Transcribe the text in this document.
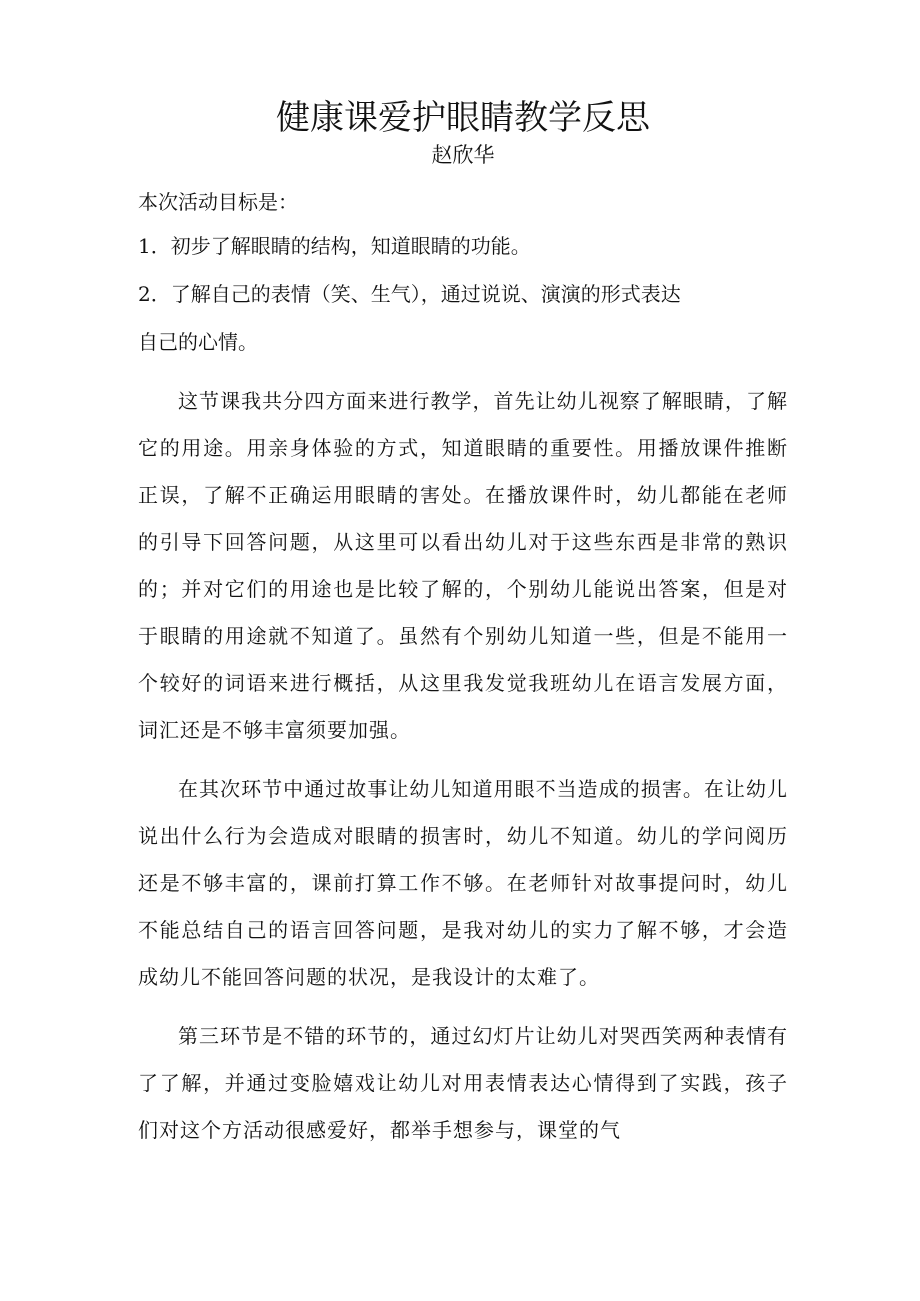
健康课爱护眼睛教学反思
赵欣华

本次活动目标是：

1．初步了解眼睛的结构，知道眼睛的功能。

2．了解自己的表情（笑、生气），通过说说、演演的形式表达

自己的心情。

这节课我共分四方面来进行教学，首先让幼儿视察了解眼睛，了解它的用途。用亲身体验的方式，知道眼睛的重要性。用播放课件推断正误，了解不正确运用眼睛的害处。在播放课件时，幼儿都能在老师的引导下回答问题，从这里可以看出幼儿对于这些东西是非常的熟识的；并对它们的用途也是比较了解的，个别幼儿能说出答案，但是对于眼睛的用途就不知道了。虽然有个别幼儿知道一些，但是不能用一个较好的词语来进行概括，从这里我发觉我班幼儿在语言发展方面，词汇还是不够丰富须要加强。

在其次环节中通过故事让幼儿知道用眼不当造成的损害。在让幼儿说出什么行为会造成对眼睛的损害时，幼儿不知道。幼儿的学问阅历还是不够丰富的，课前打算工作不够。在老师针对故事提问时，幼儿不能总结自己的语言回答问题，是我对幼儿的实力了解不够，才会造成幼儿不能回答问题的状况，是我设计的太难了。

第三环节是不错的环节的，通过幻灯片让幼儿对哭西笑两种表情有了了解，并通过变脸嬉戏让幼儿对用表情表达心情得到了实践，孩子们对这个方活动很感爱好，都举手想参与，课堂的气
